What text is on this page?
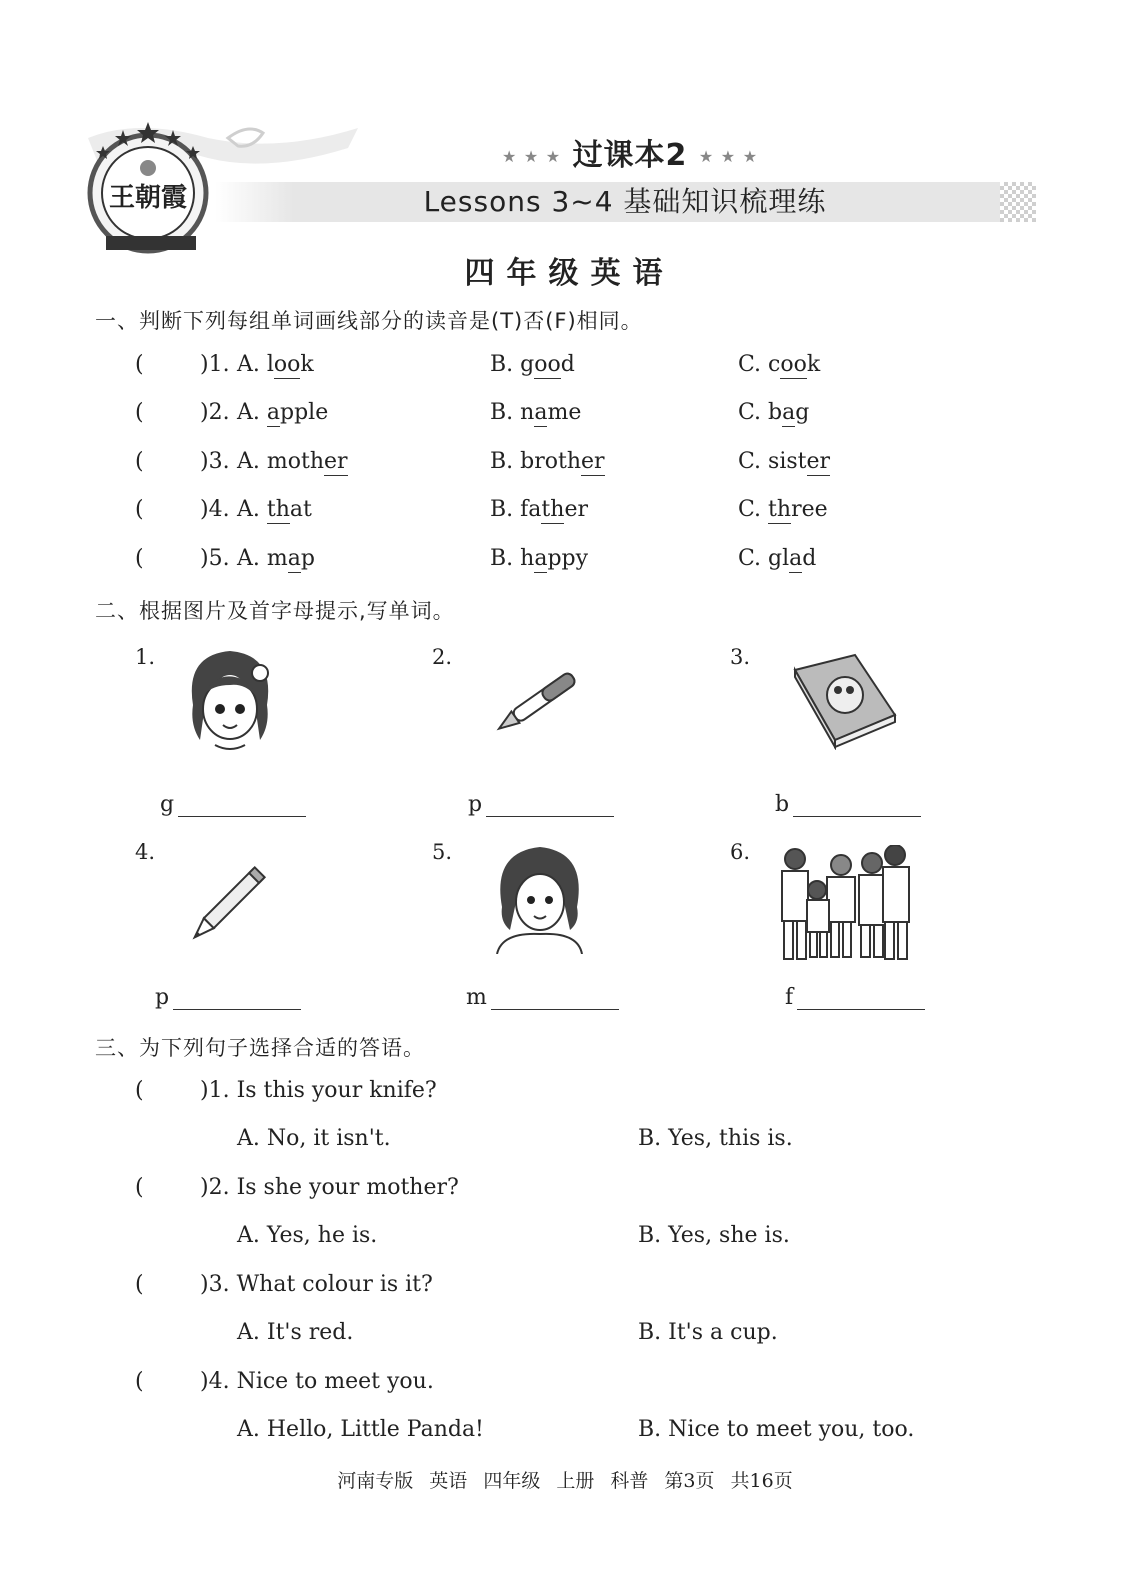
王朝霞
★ ★ ★ 过课本2 ★ ★ ★
Lessons 3~4 基础知识梳理练
四年级英语
一、判断下列每组单词画线部分的读音是(T)否(F)相同。
(	)1. A. look	B. good	C. cook
(	)2. A. apple	B. name	C. bag
(	)3. A. mother	B. brother	C. sister
(	)4. A. that	B. father	C. three
(	)5. A. map	B. happy	C. glad
二、根据图片及首字母提示,写单词。
1.
g
2.
p
3.
b
4.
p
5.
m
6.
f
三、为下列句子选择合适的答语。
(	)1. Is this your knife?
A. No, it isn't.	B. Yes, this is.
(	)2. Is she your mother?
A. Yes, he is.	B. Yes, she is.
(	)3. What colour is it?
A. It's red.	B. It's a cup.
(	)4. Nice to meet you.
A. Hello, Little Panda!	B. Nice to meet you, too.
河南专版 英语 四年级 上册 科普 第3页 共16页
